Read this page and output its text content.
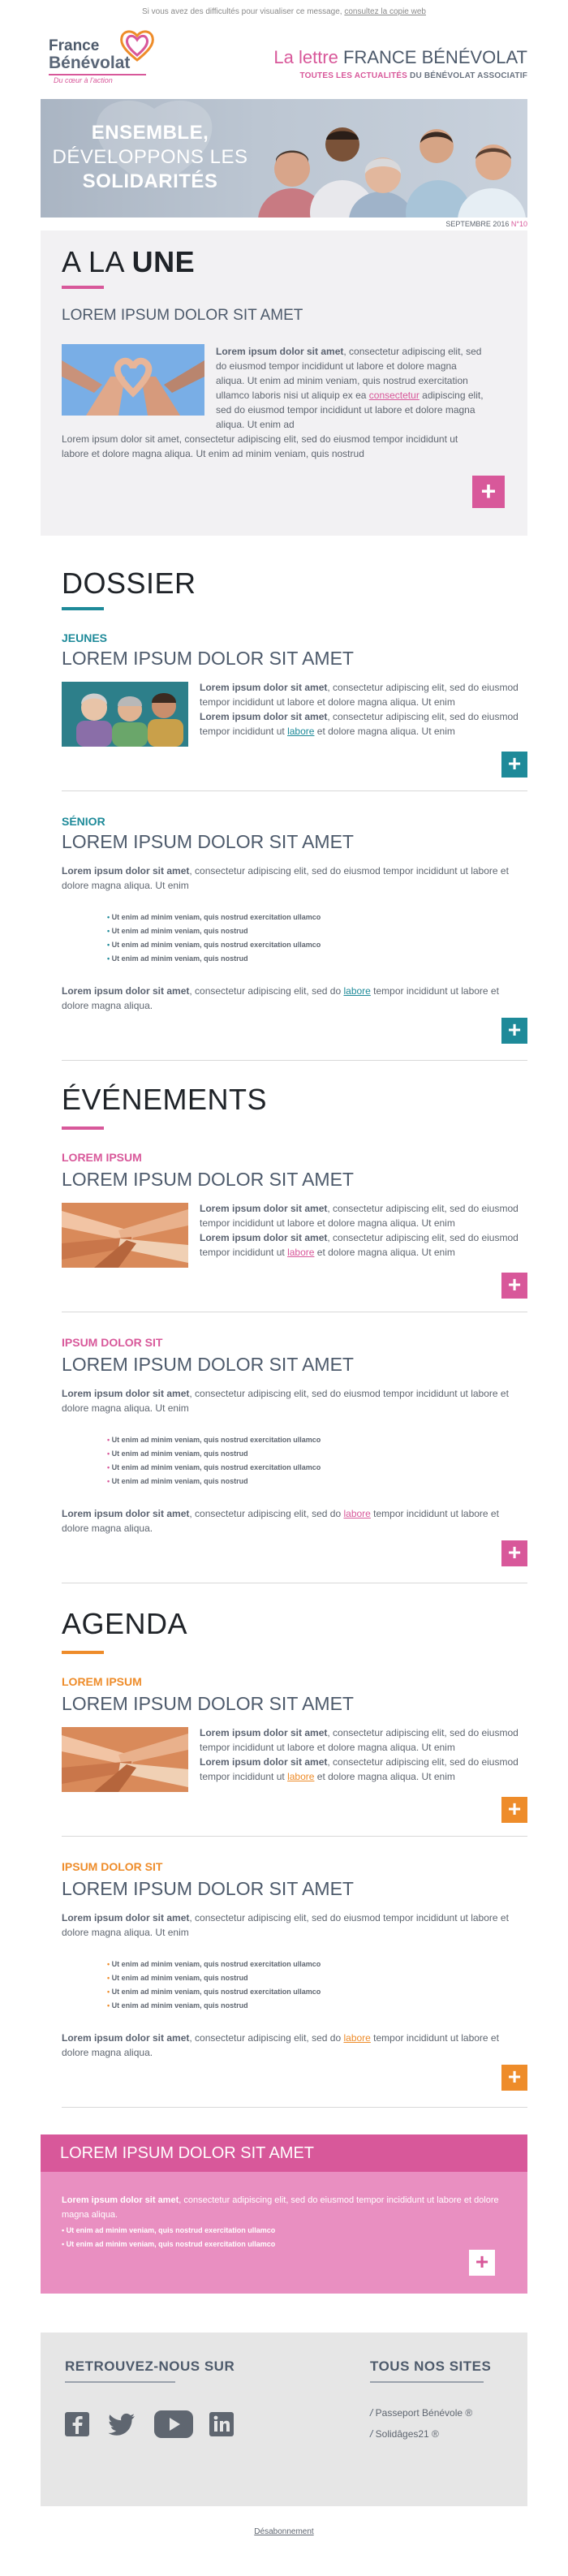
Si vous avez des difficultés pour visualiser ce message, consultez la copie web
France
Bénévolat
Du cœur à l'action
La lettre FRANCE BÉNÉVOLAT
TOUTES LES ACTUALITÉS DU BÉNÉVOLAT ASSOCIATIF
ENSEMBLE,
DÉVELOPPONS LES
SOLIDARITÉS
SEPTEMBRE 2016 N°10
A LA UNE
LOREM IPSUM DOLOR SIT AMET
Lorem ipsum dolor sit amet, consectetur adipiscing elit, sed do eiusmod tempor incididunt ut labore et dolore magna aliqua. Ut enim ad minim veniam, quis nostrud exercitation ullamco laboris nisi ut aliquip ex ea consectetur adipiscing elit, sed do eiusmod tempor incididunt ut labore et dolore magna aliqua. Ut enim ad
Lorem ipsum dolor sit amet, consectetur adipiscing elit, sed do eiusmod tempor incididunt ut labore et dolore magna aliqua. Ut enim ad minim veniam, quis nostrud
+
DOSSIER
JEUNES
LOREM IPSUM DOLOR SIT AMET
Lorem ipsum dolor sit amet, consectetur adipiscing elit, sed do eiusmod tempor incididunt ut labore et dolore magna aliqua. Ut enim
Lorem ipsum dolor sit amet, consectetur adipiscing elit, sed do eiusmod tempor incididunt ut labore et dolore magna aliqua. Ut enim
+
SÉNIOR
LOREM IPSUM DOLOR SIT AMET
Lorem ipsum dolor sit amet, consectetur adipiscing elit, sed do eiusmod tempor incididunt ut labore et dolore magna aliqua. Ut enim
• Ut enim ad minim veniam, quis nostrud exercitation ullamco
• Ut enim ad minim veniam, quis nostrud
• Ut enim ad minim veniam, quis nostrud exercitation ullamco
• Ut enim ad minim veniam, quis nostrud
Lorem ipsum dolor sit amet, consectetur adipiscing elit, sed do labore tempor incididunt ut labore et dolore magna aliqua.
+
ÉVÉNEMENTS
LOREM IPSUM
LOREM IPSUM DOLOR SIT AMET
Lorem ipsum dolor sit amet, consectetur adipiscing elit, sed do eiusmod tempor incididunt ut labore et dolore magna aliqua. Ut enim
Lorem ipsum dolor sit amet, consectetur adipiscing elit, sed do eiusmod tempor incididunt ut labore et dolore magna aliqua. Ut enim
+
IPSUM DOLOR SIT
LOREM IPSUM DOLOR SIT AMET
Lorem ipsum dolor sit amet, consectetur adipiscing elit, sed do eiusmod tempor incididunt ut labore et dolore magna aliqua. Ut enim
• Ut enim ad minim veniam, quis nostrud exercitation ullamco
• Ut enim ad minim veniam, quis nostrud
• Ut enim ad minim veniam, quis nostrud exercitation ullamco
• Ut enim ad minim veniam, quis nostrud
Lorem ipsum dolor sit amet, consectetur adipiscing elit, sed do labore tempor incididunt ut labore et dolore magna aliqua.
+
AGENDA
LOREM IPSUM
LOREM IPSUM DOLOR SIT AMET
Lorem ipsum dolor sit amet, consectetur adipiscing elit, sed do eiusmod tempor incididunt ut labore et dolore magna aliqua. Ut enim
Lorem ipsum dolor sit amet, consectetur adipiscing elit, sed do eiusmod tempor incididunt ut labore et dolore magna aliqua. Ut enim
+
IPSUM DOLOR SIT
LOREM IPSUM DOLOR SIT AMET
Lorem ipsum dolor sit amet, consectetur adipiscing elit, sed do eiusmod tempor incididunt ut labore et dolore magna aliqua. Ut enim
• Ut enim ad minim veniam, quis nostrud exercitation ullamco
• Ut enim ad minim veniam, quis nostrud
• Ut enim ad minim veniam, quis nostrud exercitation ullamco
• Ut enim ad minim veniam, quis nostrud
Lorem ipsum dolor sit amet, consectetur adipiscing elit, sed do labore tempor incididunt ut labore et dolore magna aliqua.
+
LOREM IPSUM DOLOR SIT AMET
Lorem ipsum dolor sit amet, consectetur adipiscing elit, sed do eiusmod tempor incididunt ut labore et dolore magna aliqua.
• Ut enim ad minim veniam, quis nostrud exercitation ullamco
• Ut enim ad minim veniam, quis nostrud exercitation ullamco
+
RETROUVEZ-NOUS SUR	TOUS NOS SITES
/ Passeport Bénévole ®
/ Solidâges21 ®
Désabonnement
